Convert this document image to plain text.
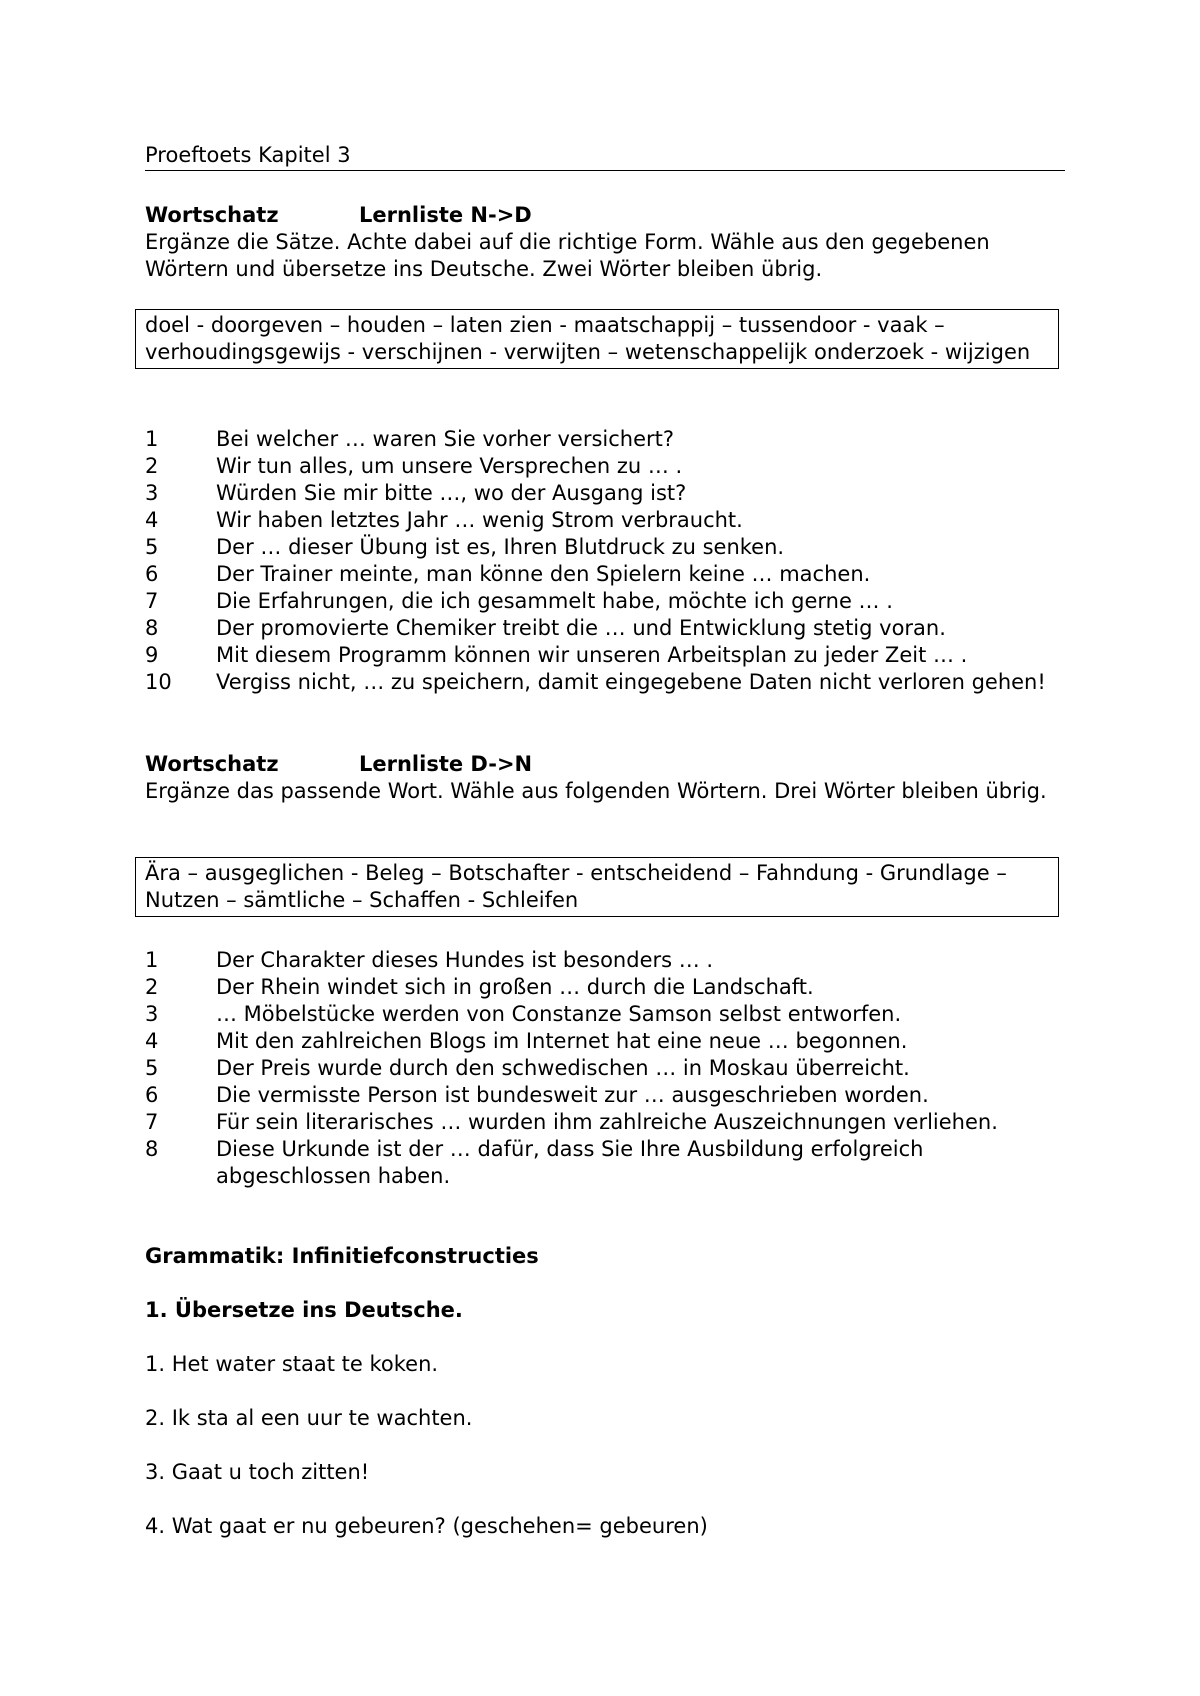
Proeftoets Kapitel 3
Wortschatz	Lernliste N->D
Ergänze die Sätze. Achte dabei auf die richtige Form. Wähle aus den gegebenen Wörtern und übersetze ins Deutsche. Zwei Wörter bleiben übrig.
doel - doorgeven – houden – laten zien - maatschappij – tussendoor - vaak – verhoudingsgewijs - verschijnen - verwijten – wetenschappelijk onderzoek - wijzigen
1	Bei welcher … waren Sie vorher versichert?
2	Wir tun alles, um unsere Versprechen zu … .
3	Würden Sie mir bitte …, wo der Ausgang ist?
4	Wir haben letztes Jahr … wenig Strom verbraucht.
5	Der … dieser Übung ist es, Ihren Blutdruck zu senken.
6	Der Trainer meinte, man könne den Spielern keine … machen.
7	Die Erfahrungen, die ich gesammelt habe, möchte ich gerne … .
8	Der promovierte Chemiker treibt die … und Entwicklung stetig voran.
9	Mit diesem Programm können wir unseren Arbeitsplan zu jeder Zeit … .
10	Vergiss nicht, … zu speichern, damit eingegebene Daten nicht verloren gehen!
Wortschatz	Lernliste D->N
Ergänze das passende Wort. Wähle aus folgenden Wörtern. Drei Wörter bleiben übrig.
Ära – ausgeglichen - Beleg – Botschafter - entscheidend – Fahndung - Grundlage – Nutzen – sämtliche – Schaffen - Schleifen
1	Der Charakter dieses Hundes ist besonders … .
2	Der Rhein windet sich in großen … durch die Landschaft.
3	… Möbelstücke werden von Constanze Samson selbst entworfen.
4	Mit den zahlreichen Blogs im Internet hat eine neue … begonnen.
5	Der Preis wurde durch den schwedischen … in Moskau überreicht.
6	Die vermisste Person ist bundesweit zur … ausgeschrieben worden.
7	Für sein literarisches … wurden ihm zahlreiche Auszeichnungen verliehen.
8	Diese Urkunde ist der … dafür, dass Sie Ihre Ausbildung erfolgreich abgeschlossen haben.
Grammatik: Infinitiefconstructies
1. Übersetze ins Deutsche.
1. Het water staat te koken.
2. Ik sta al een uur te wachten.
3. Gaat u toch zitten!
4. Wat gaat er nu gebeuren? (geschehen= gebeuren)
